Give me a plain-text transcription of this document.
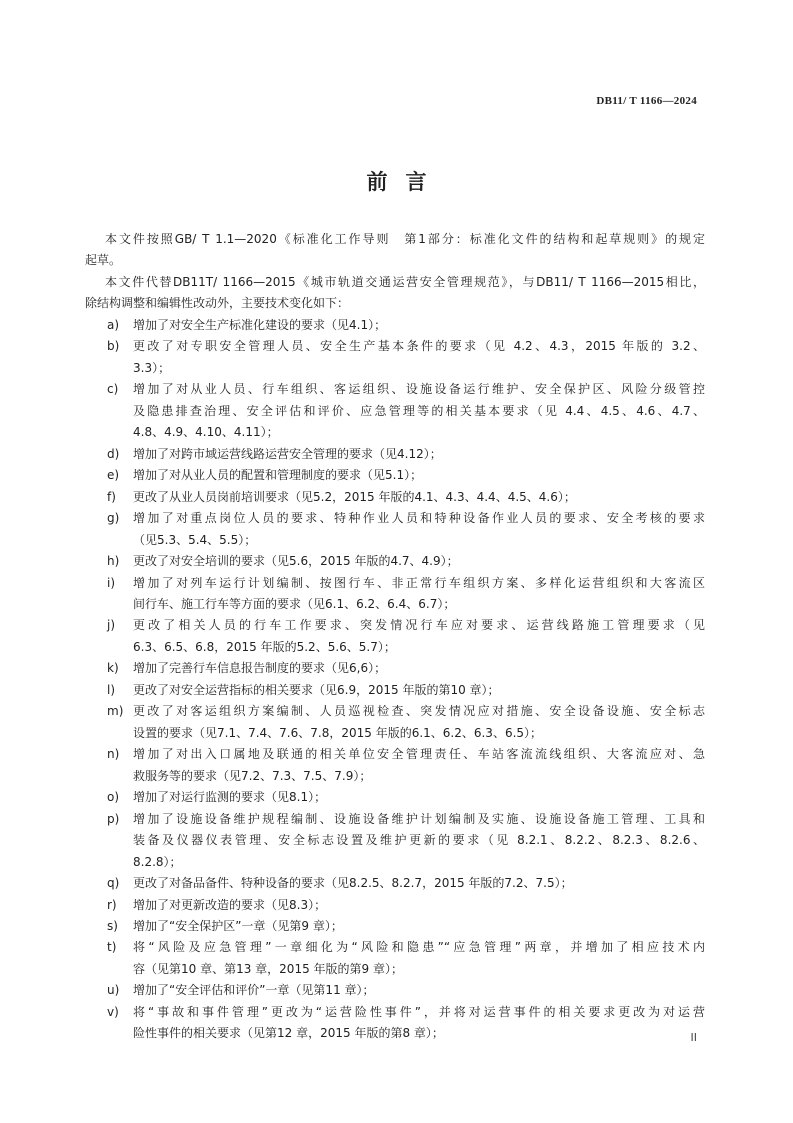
DB11/ T 1166—2024
前言
本文件按照GB/ T 1.1—2020《标准化工作导则　第1部分：标准化文件的结构和起草规则》的规定
起草。
本文件代替DB11T/ 1166—2015《城市轨道交通运营安全管理规范》，与DB11/ T 1166—2015相比，
除结构调整和编辑性改动外，主要技术变化如下：
增加了对安全生产标准化建设的要求（见4.1）；
a)
更改了对专职安全管理人员、安全生产基本条件的要求（见 4.2、4.3，2015 年版的 3.2、
b)
3.3）；
增加了对从业人员、行车组织、客运组织、设施设备运行维护、安全保护区、风险分级管控
c)
及隐患排查治理、安全评估和评价、应急管理等的相关基本要求（见 4.4、4.5、4.6、4.7、
4.8、4.9、4.10、4.11）；
增加了对跨市域运营线路运营安全管理的要求（见4.12）；
d)
增加了对从业人员的配置和管理制度的要求（见5.1）；
e)
更改了从业人员岗前培训要求（见5.2，2015 年版的4.1、4.3、4.4、4.5、4.6）；
f)
增加了对重点岗位人员的要求、特种作业人员和特种设备作业人员的要求、安全考核的要求
g)
（见5.3、5.4、5.5）；
更改了对安全培训的要求（见5.6，2015 年版的4.7、4.9）；
h)
增加了对列车运行计划编制、按图行车、非正常行车组织方案、多样化运营组织和大客流区
i)
间行车、施工行车等方面的要求（见6.1、6.2、6.4、6.7）；
更改了相关人员的行车工作要求、突发情况行车应对要求、运营线路施工管理要求（见
j)
6.3、6.5、6.8，2015 年版的5.2、5.6、5.7）；
增加了完善行车信息报告制度的要求（见6,6）；
k)
更改了对安全运营指标的相关要求（见6.9，2015 年版的第10 章）；
l)
更改了对客运组织方案编制、人员巡视检查、突发情况应对措施、安全设备设施、安全标志
m)
设置的要求（见7.1、7.4、7.6、7.8，2015 年版的6.1、6.2、6.3、6.5）；
增加了对出入口属地及联通的相关单位安全管理责任、车站客流流线组织、大客流应对、急
n)
救服务等的要求（见7.2、7.3、7.5、7.9）；
增加了对运行监测的要求（见8.1）；
o)
增加了设施设备维护规程编制、设施设备维护计划编制及实施、设施设备施工管理、工具和
p)
装备及仪器仪表管理、安全标志设置及维护更新的要求（见 8.2.1、8.2.2、8.2.3、8.2.6、
8.2.8）；
更改了对备品备件、特种设备的要求（见8.2.5、8.2.7，2015 年版的7.2、7.5）；
q)
增加了对更新改造的要求（见8.3）；
r)
增加了“安全保护区”一章（见第9 章）；
s)
将“风险及应急管理”一章细化为“风险和隐患”“应急管理”两章，并增加了相应技术内
t)
容（见第10 章、第13 章，2015 年版的第9 章）；
增加了“安全评估和评价”一章（见第11 章）；
u)
将“事故和事件管理”更改为“运营险性事件”，并将对运营事件的相关要求更改为对运营
v)
险性事件的相关要求（见第12 章，2015 年版的第8 章）；	II
